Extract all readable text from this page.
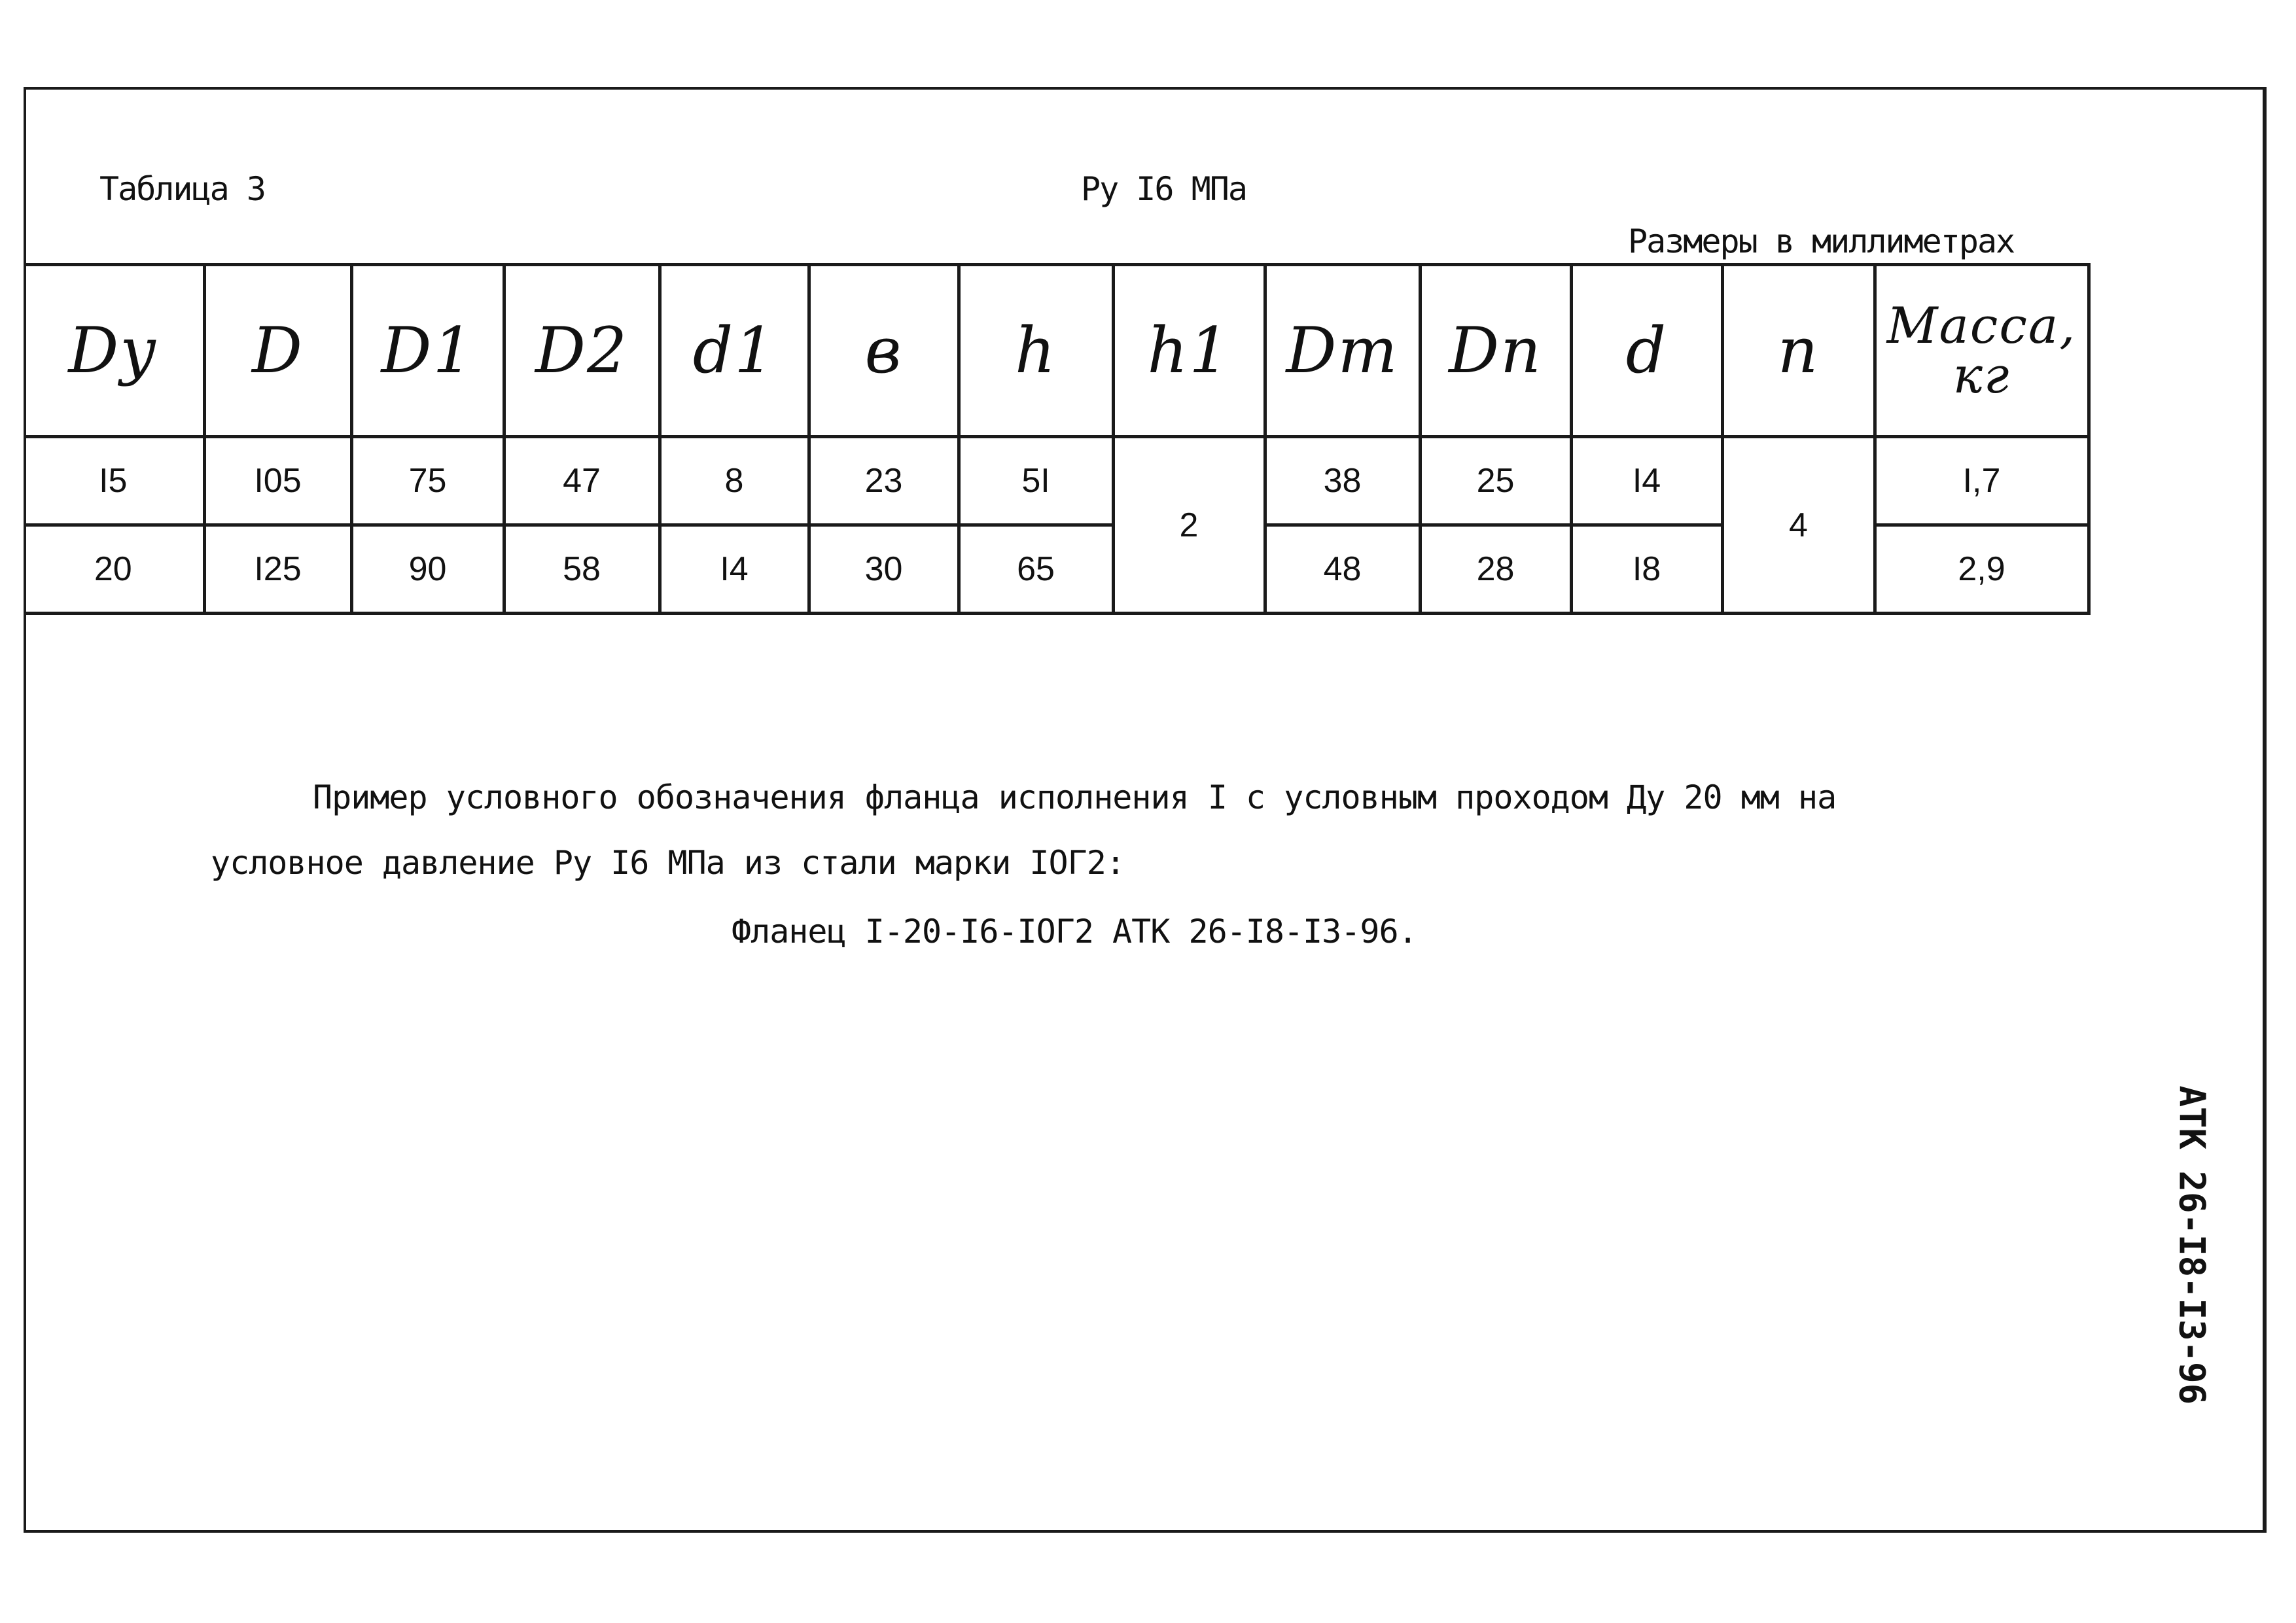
Таблица 3	Ру I6 МПа
Размеры в миллиметрах
Dу	D	D1	D2	d1	в	h	h1	Dm	Dn	d	n	Масса, кг
I5	I05	75	47	8	23	5I	2	38	25	I4	4	I,7
20	I25	90	58	I4	30	65		48	28	I8		2,9
Пример условного обозначения фланца исполнения I с условным проходом Ду 20 мм на
условное давление Ру I6 МПа из стали марки IOГ2:
Фланец I-20-I6-IOГ2 АТК 26-I8-I3-96.
АТК 26-I8-I3-96
